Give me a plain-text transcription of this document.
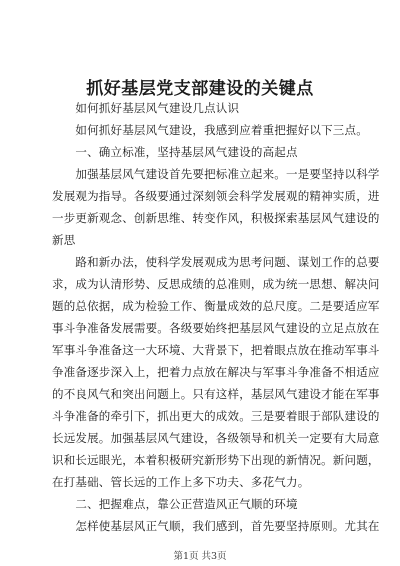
抓好基层党支部建设的关键点
　　如何抓好基层风气建设几点认识
　　如何抓好基层风气建设，我感到应着重把握好以下三点。
　　一、确立标准，坚持基层风气建设的高起点
　　加强基层风气建设首先要把标准立起来。一是要坚持以科学
发展观为指导。各级要通过深刻领会科学发展观的精神实质，进
一步更新观念、创新思维、转变作风，积极探索基层风气建设的
新思
　　路和新办法，使科学发展观成为思考问题、谋划工作的总要
求，成为认清形势、反思成绩的总准则，成为统一思想、解决问
题的总依据，成为检验工作、衡量成效的总尺度。二是要适应军
事斗争准备发展需要。各级要始终把基层风气建设的立足点放在
军事斗争准备这一大环境、大背景下，把着眼点放在推动军事斗
争准备逐步深入上，把着力点放在解决与军事斗争准备不相适应
的不良风气和突出问题上。只有这样，基层风气建设才能在军事
斗争准备的牵引下，抓出更大的成效。三是要着眼于部队建设的
长远发展。加强基层风气建设，各级领导和机关一定要有大局意
识和长远眼光，本着积极研究新形势下出现的新情况。新问题，
在打基础、管长远的工作上多下功夫、多花气力。
　　二、把握难点，靠公正营造风正气顺的环境
　　怎样使基层风正气顺，我们感到，首先要坚持原则。尤其在
第1页 共3页
